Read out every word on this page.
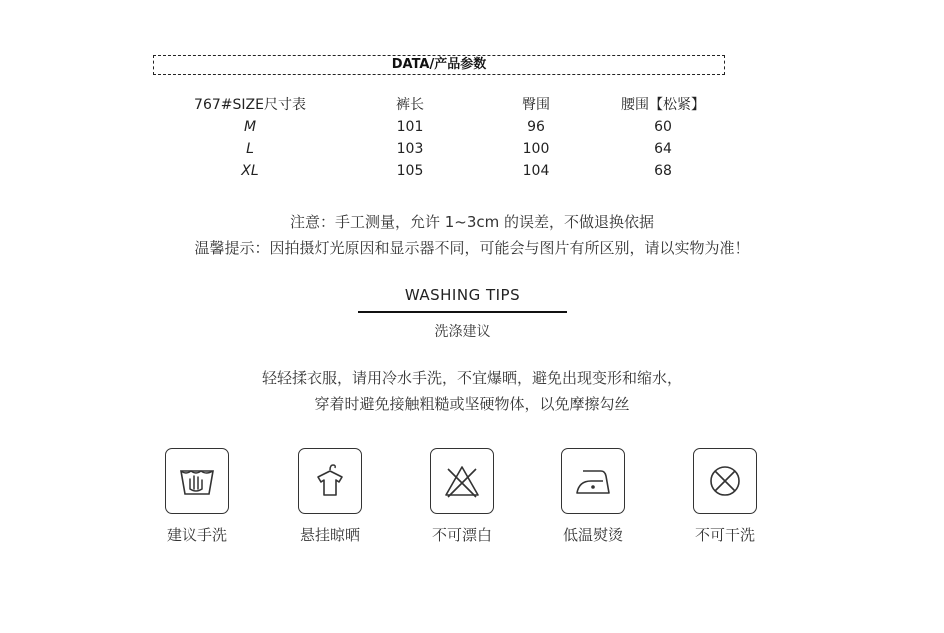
DATA/产品参数
767#SIZE尺寸表	裤长	臀围	腰围【松紧】
M	101	96	60
L	103	100	64
XL	105	104	68
注意：手工测量，允许 1~3cm 的误差，不做退换依据
温馨提示：因拍摄灯光原因和显示器不同，可能会与图片有所区别，请以实物为准！
WASHING TIPS
洗涤建议
轻轻揉衣服，请用冷水手洗，不宜爆晒，避免出现变形和缩水，
穿着时避免接触粗糙或坚硬物体，以免摩擦勾丝
建议手洗	悬挂晾晒	不可漂白	低温熨烫	不可干洗
